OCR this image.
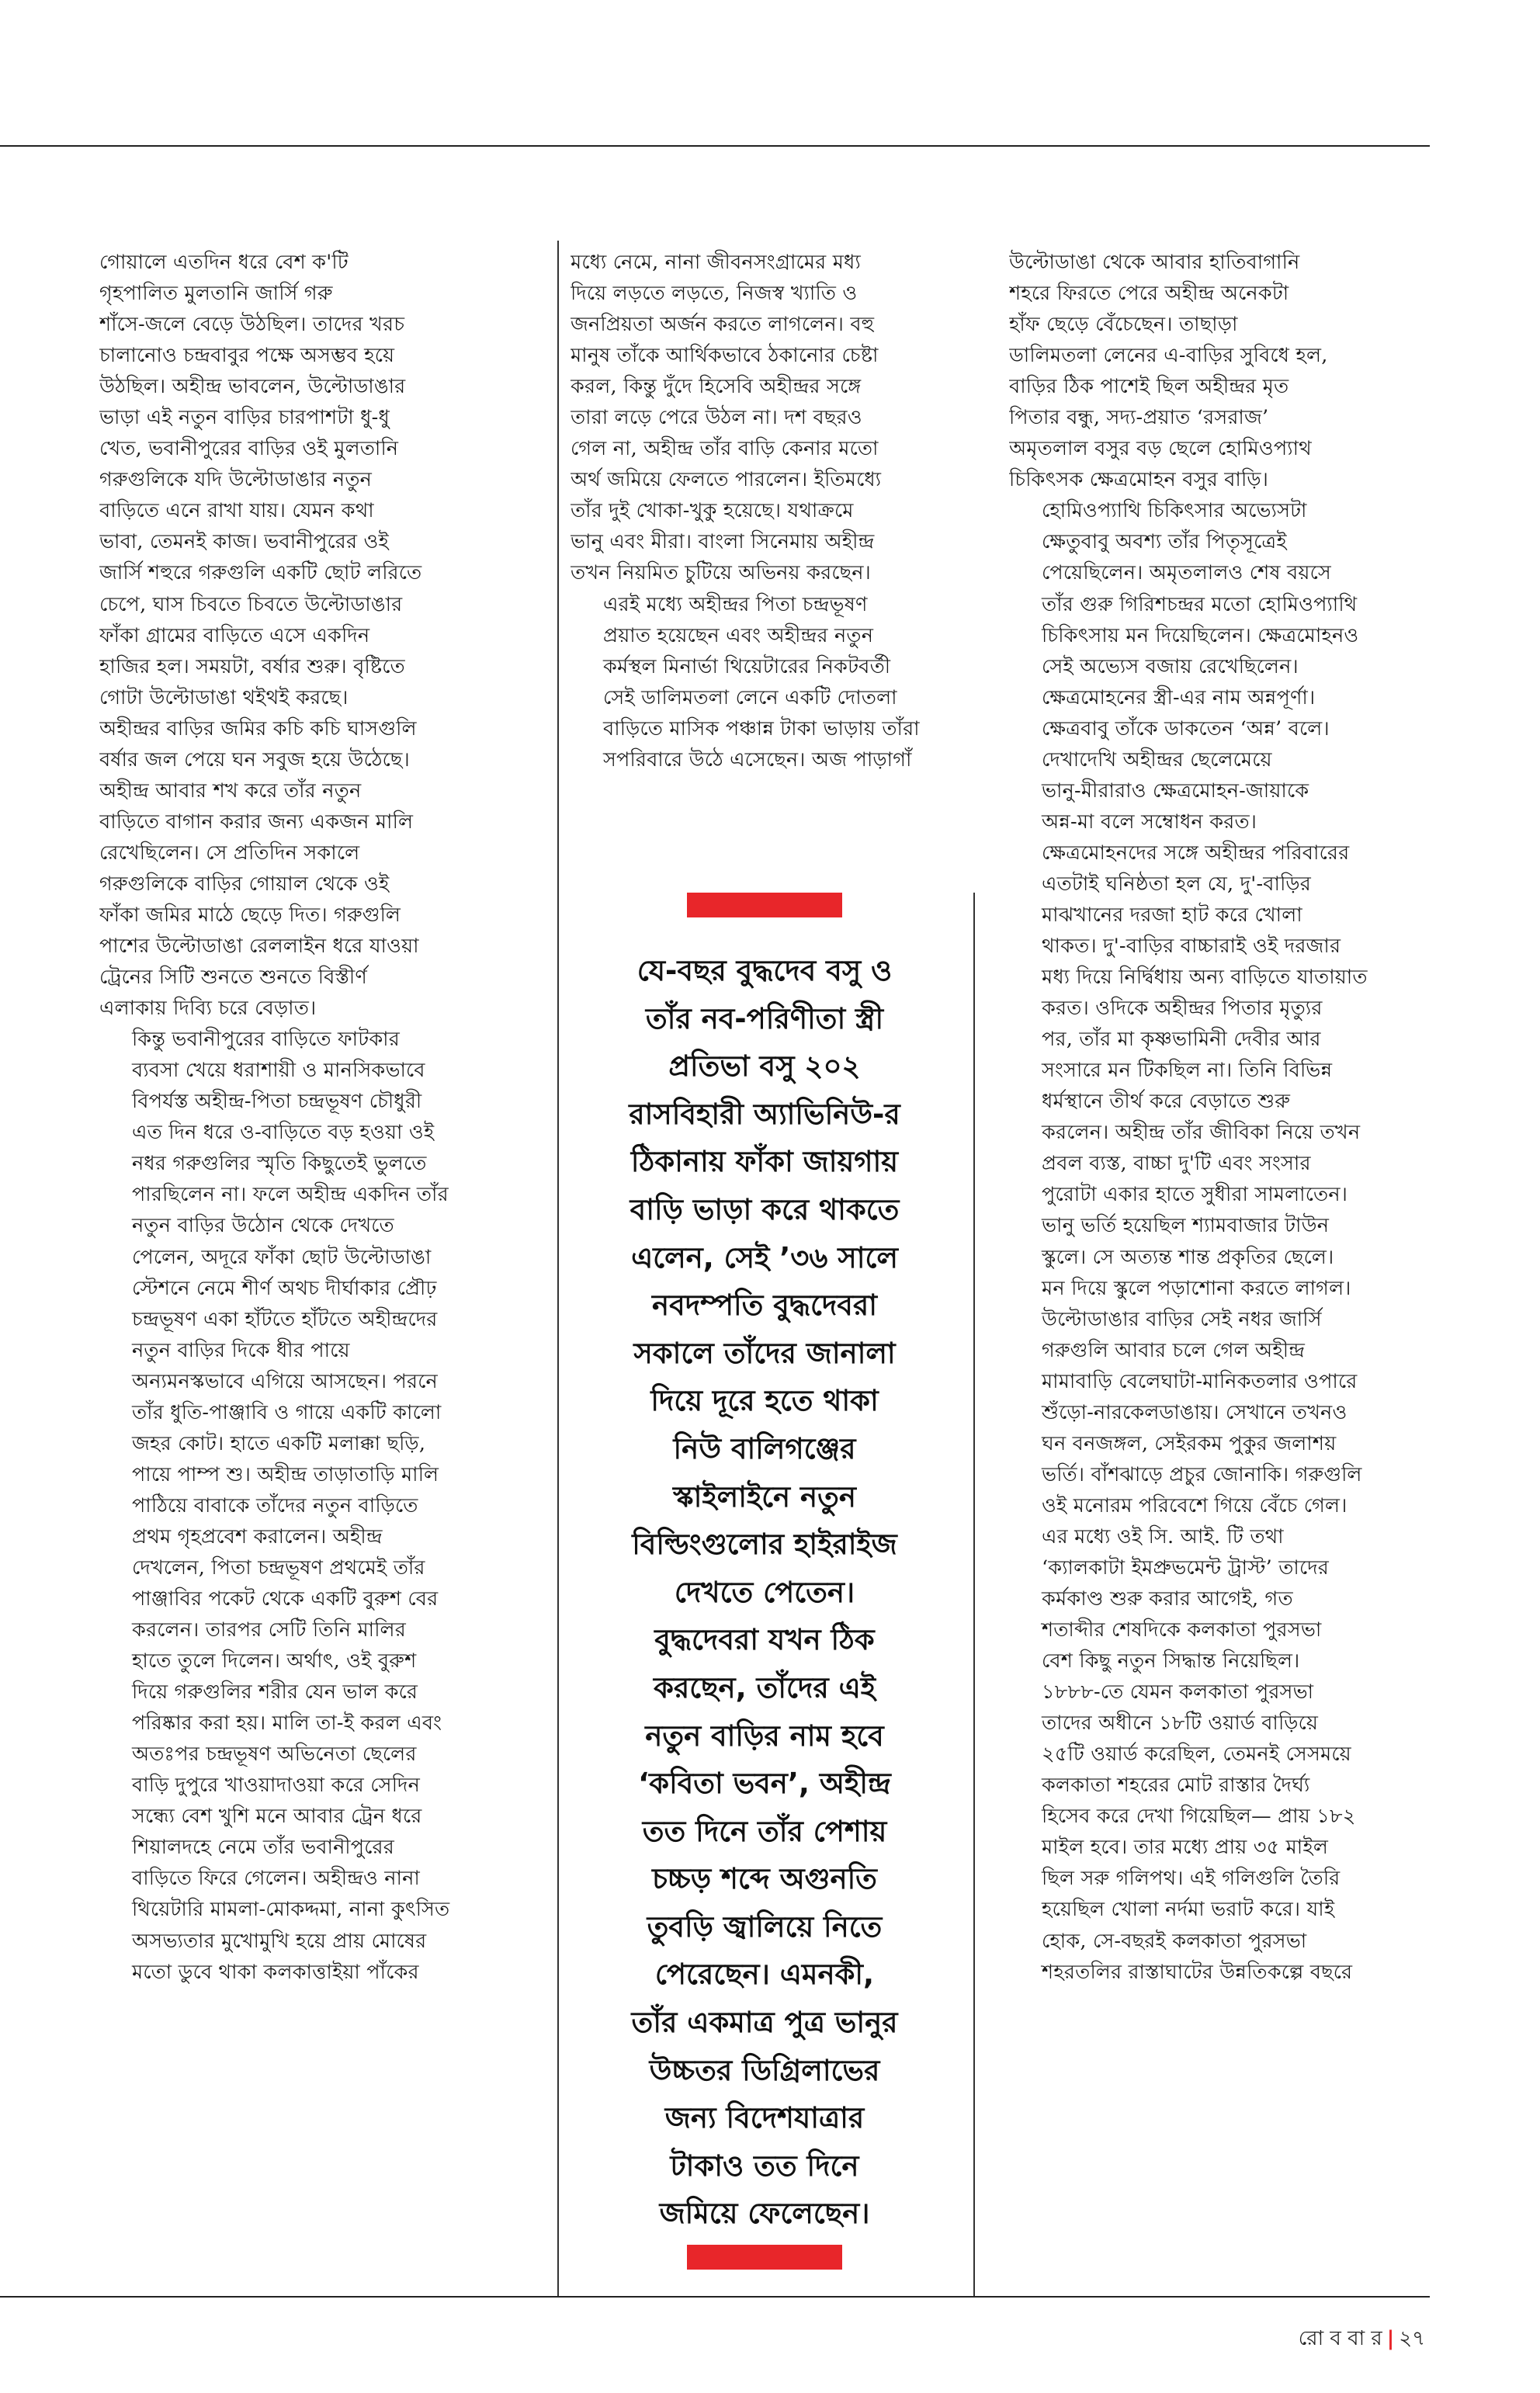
গোয়ালে এতদিন ধরে বেশ ক'টি
গৃহপালিত মুলতানি জার্সি গরু
শাঁসে-জলে বেড়ে উঠছিল। তাদের খরচ
চালানোও চন্দ্রবাবুর পক্ষে অসম্ভব হয়ে
উঠছিল। অহীন্দ্র ভাবলেন, উল্টোডাঙার
ভাড়া এই নতুন বাড়ির চারপাশটা ধু-ধু
খেত, ভবানীপুরের বাড়ির ওই মুলতানি
গরুগুলিকে যদি উল্টোডাঙার নতুন
বাড়িতে এনে রাখা যায়। যেমন কথা
ভাবা, তেমনই কাজ। ভবানীপুরের ওই
জার্সি শহুরে গরুগুলি একটি ছোট লরিতে
চেপে, ঘাস চিবতে চিবতে উল্টোডাঙার
ফাঁকা গ্রামের বাড়িতে এসে একদিন
হাজির হল। সময়টা, বর্ষার শুরু। বৃষ্টিতে
গোটা উল্টোডাঙা থইথই করছে।
অহীন্দ্রর বাড়ির জমির কচি কচি ঘাসগুলি
বর্ষার জল পেয়ে ঘন সবুজ হয়ে উঠেছে।
অহীন্দ্র আবার শখ করে তাঁর নতুন
বাড়িতে বাগান করার জন্য একজন মালি
রেখেছিলেন। সে প্রতিদিন সকালে
গরুগুলিকে বাড়ির গোয়াল থেকে ওই
ফাঁকা জমির মাঠে ছেড়ে দিত। গরুগুলি
পাশের উল্টোডাঙা রেললাইন ধরে যাওয়া
ট্রেনের সিটি শুনতে শুনতে বিস্তীর্ণ
এলাকায় দিব্যি চরে বেড়াত।

কিন্তু ভবানীপুরের বাড়িতে ফাটকার
ব্যবসা খেয়ে ধরাশায়ী ও মানসিকভাবে
বিপর্যস্ত অহীন্দ্র-পিতা চন্দ্রভূষণ চৌধুরী
এত দিন ধরে ও-বাড়িতে বড় হওয়া ওই
নধর গরুগুলির স্মৃতি কিছুতেই ভুলতে
পারছিলেন না। ফলে অহীন্দ্র একদিন তাঁর
নতুন বাড়ির উঠোন থেকে দেখতে
পেলেন, অদূরে ফাঁকা ছোট উল্টোডাঙা
স্টেশনে নেমে শীর্ণ অথচ দীর্ঘাকার প্রৌঢ়
চন্দ্রভূষণ একা হাঁটতে হাঁটতে অহীন্দ্রদের
নতুন বাড়ির দিকে ধীর পায়ে
অন্যমনস্কভাবে এগিয়ে আসছেন। পরনে
তাঁর ধুতি-পাঞ্জাবি ও গায়ে একটি কালো
জহর কোট। হাতে একটি মলাক্কা ছড়ি,
পায়ে পাম্প শু। অহীন্দ্র তাড়াতাড়ি মালি
পাঠিয়ে বাবাকে তাঁদের নতুন বাড়িতে
প্রথম গৃহপ্রবেশ করালেন। অহীন্দ্র
দেখলেন, পিতা চন্দ্রভূষণ প্রথমেই তাঁর
পাঞ্জাবির পকেট থেকে একটি বুরুশ বের
করলেন। তারপর সেটি তিনি মালির
হাতে তুলে দিলেন। অর্থাৎ, ওই বুরুশ
দিয়ে গরুগুলির শরীর যেন ভাল করে
পরিষ্কার করা হয়। মালি তা-ই করল এবং
অতঃপর চন্দ্রভূষণ অভিনেতা ছেলের
বাড়ি দুপুরে খাওয়াদাওয়া করে সেদিন
সন্ধ্যে বেশ খুশি মনে আবার ট্রেন ধরে
শিয়ালদহে নেমে তাঁর ভবানীপুরের
বাড়িতে ফিরে গেলেন। অহীন্দ্রও নানা
থিয়েটারি মামলা-মোকদ্দমা, নানা কুৎসিত
অসভ্যতার মুখোমুখি হয়ে প্রায় মোষের
মতো ডুবে থাকা কলকাত্তাইয়া পাঁকের

মধ্যে নেমে, নানা জীবনসংগ্রামের মধ্য
দিয়ে লড়তে লড়তে, নিজস্ব খ্যাতি ও
জনপ্রিয়তা অর্জন করতে লাগলেন। বহু
মানুষ তাঁকে আর্থিকভাবে ঠকানোর চেষ্টা
করল, কিন্তু দুঁদে হিসেবি অহীন্দ্রর সঙ্গে
তারা লড়ে পেরে উঠল না। দশ বছরও
গেল না, অহীন্দ্র তাঁর বাড়ি কেনার মতো
অর্থ জমিয়ে ফেলতে পারলেন। ইতিমধ্যে
তাঁর দুই খোকা-খুকু হয়েছে। যথাক্রমে
ভানু এবং মীরা। বাংলা সিনেমায় অহীন্দ্র
তখন নিয়মিত চুটিয়ে অভিনয় করছেন।

এরই মধ্যে অহীন্দ্রর পিতা চন্দ্রভূষণ
প্রয়াত হয়েছেন এবং অহীন্দ্রর নতুন
কর্মস্থল মিনার্ভা থিয়েটারের নিকটবর্তী
সেই ডালিমতলা লেনে একটি দোতলা
বাড়িতে মাসিক পঞ্চান্ন টাকা ভাড়ায় তাঁরা
সপরিবারে উঠে এসেছেন। অজ পাড়াগাঁ

উল্টোডাঙা থেকে আবার হাতিবাগানি
শহরে ফিরতে পেরে অহীন্দ্র অনেকটা
হাঁফ ছেড়ে বেঁচেছেন। তাছাড়া
ডালিমতলা লেনের এ-বাড়ির সুবিধে হল,
বাড়ির ঠিক পাশেই ছিল অহীন্দ্রর মৃত
পিতার বন্ধু, সদ্য-প্রয়াত ‘রসরাজ’
অমৃতলাল বসুর বড় ছেলে হোমিওপ্যাথ
চিকিৎসক ক্ষেত্রমোহন বসুর বাড়ি।

হোমিওপ্যাথি চিকিৎসার অভ্যেসটা
ক্ষেতুবাবু অবশ্য তাঁর পিতৃসূত্রেই
পেয়েছিলেন। অমৃতলালও শেষ বয়সে
তাঁর গুরু গিরিশচন্দ্রর মতো হোমিওপ্যাথি
চিকিৎসায় মন দিয়েছিলেন। ক্ষেত্রমোহনও
সেই অভ্যেস বজায় রেখেছিলেন।
ক্ষেত্রমোহনের স্ত্রী-এর নাম অন্নপূর্ণা।
ক্ষেত্রবাবু তাঁকে ডাকতেন ‘অন্ন’ বলে।
দেখাদেখি অহীন্দ্রর ছেলেমেয়ে
ভানু-মীরারাও ক্ষেত্রমোহন-জায়াকে
অন্ন-মা বলে সম্বোধন করত।
ক্ষেত্রমোহনদের সঙ্গে অহীন্দ্রর পরিবারের
এতটাই ঘনিষ্ঠতা হল যে, দু'-বাড়ির
মাঝখানের দরজা হাট করে খোলা
থাকত। দু'-বাড়ির বাচ্চারাই ওই দরজার
মধ্য দিয়ে নির্দ্বিধায় অন্য বাড়িতে যাতায়াত
করত। ওদিকে অহীন্দ্রর পিতার মৃত্যুর
পর, তাঁর মা কৃষ্ণভামিনী দেবীর আর
সংসারে মন টিকছিল না। তিনি বিভিন্ন
ধর্মস্থানে তীর্থ করে বেড়াতে শুরু
করলেন। অহীন্দ্র তাঁর জীবিকা নিয়ে তখন
প্রবল ব্যস্ত, বাচ্চা দু'টি এবং সংসার
পুরোটা একার হাতে সুধীরা সামলাতেন।
ভানু ভর্তি হয়েছিল শ্যামবাজার টাউন
স্কুলে। সে অত্যন্ত শান্ত প্রকৃতির ছেলে।
মন দিয়ে স্কুলে পড়াশোনা করতে লাগল।
উল্টোডাঙার বাড়ির সেই নধর জার্সি
গরুগুলি আবার চলে গেল অহীন্দ্র
মামাবাড়ি বেলেঘাটা-মানিকতলার ওপারে
শুঁড়ো-নারকেলডাঙায়। সেখানে তখনও
ঘন বনজঙ্গল, সেইরকম পুকুর জলাশয়
ভর্তি। বাঁশঝাড়ে প্রচুর জোনাকি। গরুগুলি
ওই মনোরম পরিবেশে গিয়ে বেঁচে গেল।

এর মধ্যে ওই সি. আই. টি তথা
‘ক্যালকাটা ইমপ্রুভমেন্ট ট্রাস্ট’ তাদের
কর্মকাণ্ড শুরু করার আগেই, গত
শতাব্দীর শেষদিকে কলকাতা পুরসভা
বেশ কিছু নতুন সিদ্ধান্ত নিয়েছিল।
১৮৮৮-তে যেমন কলকাতা পুরসভা
তাদের অধীনে ১৮টি ওয়ার্ড বাড়িয়ে
২৫টি ওয়ার্ড করেছিল, তেমনই সেসময়ে
কলকাতা শহরের মোট রাস্তার দৈর্ঘ্য
হিসেব করে দেখা গিয়েছিল— প্রায় ১৮২
মাইল হবে। তার মধ্যে প্রায় ৩৫ মাইল
ছিল সরু গলিপথ। এই গলিগুলি তৈরি
হয়েছিল খোলা নর্দমা ভরাট করে। যাই
হোক, সে-বছরই কলকাতা পুরসভা
শহরতলির রাস্তাঘাটের উন্নতিকল্পে বছরে

যে-বছর বুদ্ধদেব বসু ও
তাঁর নব-পরিণীতা স্ত্রী
প্রতিভা বসু ২০২
রাসবিহারী অ্যাভিনিউ-র
ঠিকানায় ফাঁকা জায়গায়
বাড়ি ভাড়া করে থাকতে
এলেন, সেই ’৩৬ সালে
নবদম্পতি বুদ্ধদেবরা
সকালে তাঁদের জানালা
দিয়ে দূরে হতে থাকা
নিউ বালিগঞ্জের
স্কাইলাইনে নতুন
বিল্ডিংগুলোর হাইরাইজ
দেখতে পেতেন।
বুদ্ধদেবরা যখন ঠিক
করছেন, তাঁদের এই
নতুন বাড়ির নাম হবে
‘কবিতা ভবন’, অহীন্দ্র
তত দিনে তাঁর পেশায়
চচ্চড় শব্দে অগুনতি
তুবড়ি জ্বালিয়ে নিতে
পেরেছেন। এমনকী,
তাঁর একমাত্র পুত্র ভানুর
উচ্চতর ডিগ্রিলাভের
জন্য বিদেশযাত্রার
টাকাও তত দিনে
জমিয়ে ফেলেছেন।
রো ব বা র | ২৭
